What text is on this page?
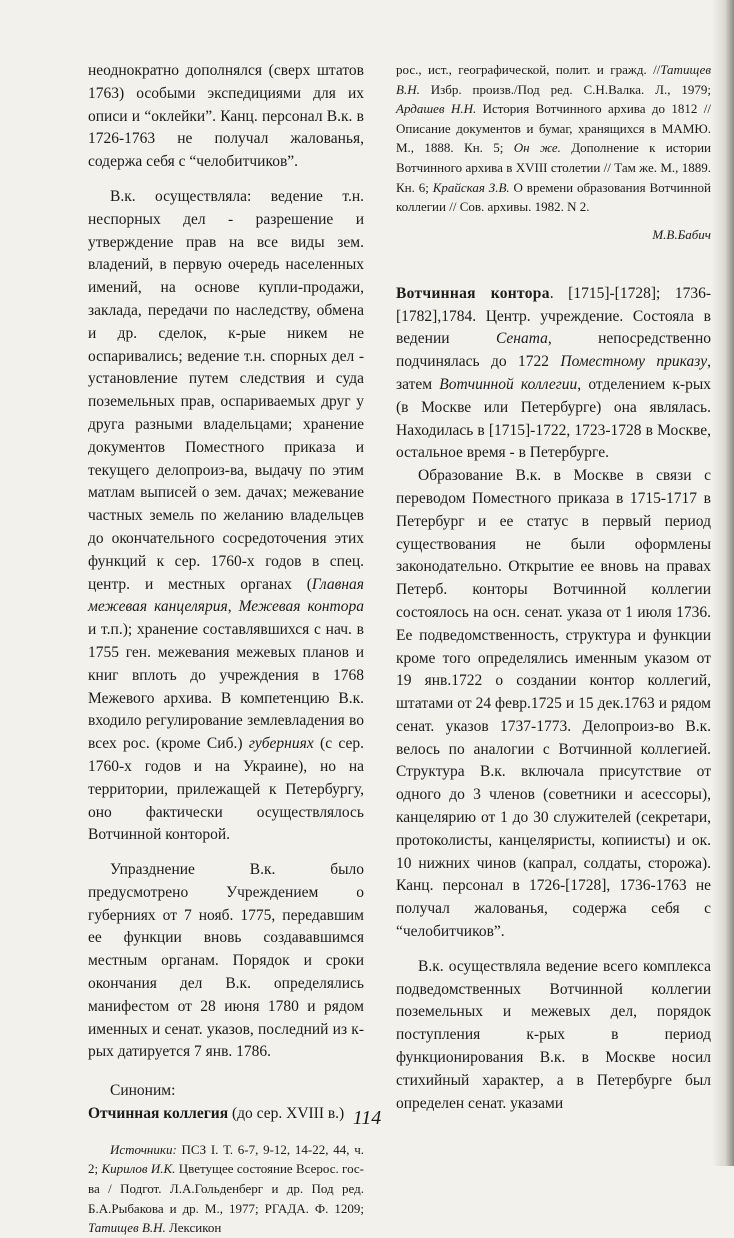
неоднократно дополнялся (сверх штатов 1763) особыми экспедициями для их описи и “оклейки”. Канц. персонал В.к. в 1726-1763 не получал жалованья, содержа себя с “челобитчиков”.

В.к. осуществляла: ведение т.н. неспорных дел - разрешение и утверждение прав на все виды зем. владений, в первую очередь населенных имений, на основе купли-продажи, заклада, передачи по наследству, обмена и др. сделок, к-рые никем не оспаривались; ведение т.н. спорных дел - установление путем следствия и суда поземельных прав, оспариваемых друг у друга разными владельцами; хранение документов Поместного приказа и текущего делопроиз-ва, выдачу по этим матлам выписей о зем. дачах; межевание частных земель по желанию владельцев до окончательного сосредоточения этих функций к сер. 1760-х годов в спец. центр. и местных органах (Главная межевая канцелярия, Межевая контора и т.п.); хранение составлявшихся с нач. в 1755 ген. межевания межевых планов и книг вплоть до учреждения в 1768 Межевого архива. В компетенцию В.к. входило регулирование землевладения во всех рос. (кроме Сиб.) губерниях (с сер. 1760-х годов и на Украине), но на территории, прилежащей к Петербургу, оно фактически осуществлялось Вотчинной конторой.

Упразднение В.к. было предусмотрено Учреждением о губерниях от 7 нояб. 1775, передавшим ее функции вновь создававшимся местным органам. Порядок и сроки окончания дел В.к. определялись манифестом от 28 июня 1780 и рядом именных и сенат. указов, последний из к-рых датируется 7 янв. 1786.

Синоним:

Отчинная коллегия (до сер. XVIII в.)

Источники: ПСЗ I. Т. 6-7, 9-12, 14-22, 44, ч. 2; Кирилов И.К. Цветущее состояние Всерос. гос-ва / Подгот. Л.А.Гольденберг и др. Под ред. Б.А.Рыбакова и др. М., 1977; РГАДА. Ф. 1209; Татищев В.Н. Лексикон

рос., ист., географической, полит. и гражд. //Татищев В.Н. Избр. произв./Под ред. С.Н.Валка. Л., 1979; Ардашев Н.Н. История Вотчинного архива до 1812 //Описание документов и бумаг, хранящихся в МАМЮ. М., 1888. Кн. 5; Он же. Дополнение к истории Вотчинного архива в XVIII столетии // Там же. М., 1889. Кн. 6; Крайская З.В. О времени образования Вотчинной коллегии // Сов. архивы. 1982. N 2.

М.В.Бабич

Вотчинная контора. [1715]-[1728]; 1736-[1782],1784. Центр. учреждение. Состояла в ведении Сената, непосредственно подчинялась до 1722 Поместному приказу, затем Вотчинной коллегии, отделением к-рых (в Москве или Петербурге) она являлась. Находилась в [1715]-1722, 1723-1728 в Москве, остальное время - в Петербурге.

Образование В.к. в Москве в связи с переводом Поместного приказа в 1715-1717 в Петербург и ее статус в первый период существования не были оформлены законодательно. Открытие ее вновь на правах Петерб. конторы Вотчинной коллегии состоялось на осн. сенат. указа от 1 июля 1736. Ее подведомственность, структура и функции кроме того определялись именным указом от 19 янв.1722 о создании контор коллегий, штатами от 24 февр.1725 и 15 дек.1763 и рядом сенат. указов 1737-1773. Делопроиз-во В.к. велось по аналогии с Вотчинной коллегией. Структура В.к. включала присутствие от одного до 3 членов (советники и асессоры), канцелярию от 1 до 30 служителей (секретари, протоколисты, канцеляристы, копиисты) и ок. 10 нижних чинов (капрал, солдаты, сторожа). Канц. персонал в 1726-[1728], 1736-1763 не получал жалованья, содержа себя с “челобитчиков”.

В.к. осуществляла ведение всего комплекса подведомственных Вотчинной коллегии поземельных и межевых дел, порядок поступления к-рых в период функционирования В.к. в Москве носил стихийный характер, а в Петербурге был определен сенат. указами

114
